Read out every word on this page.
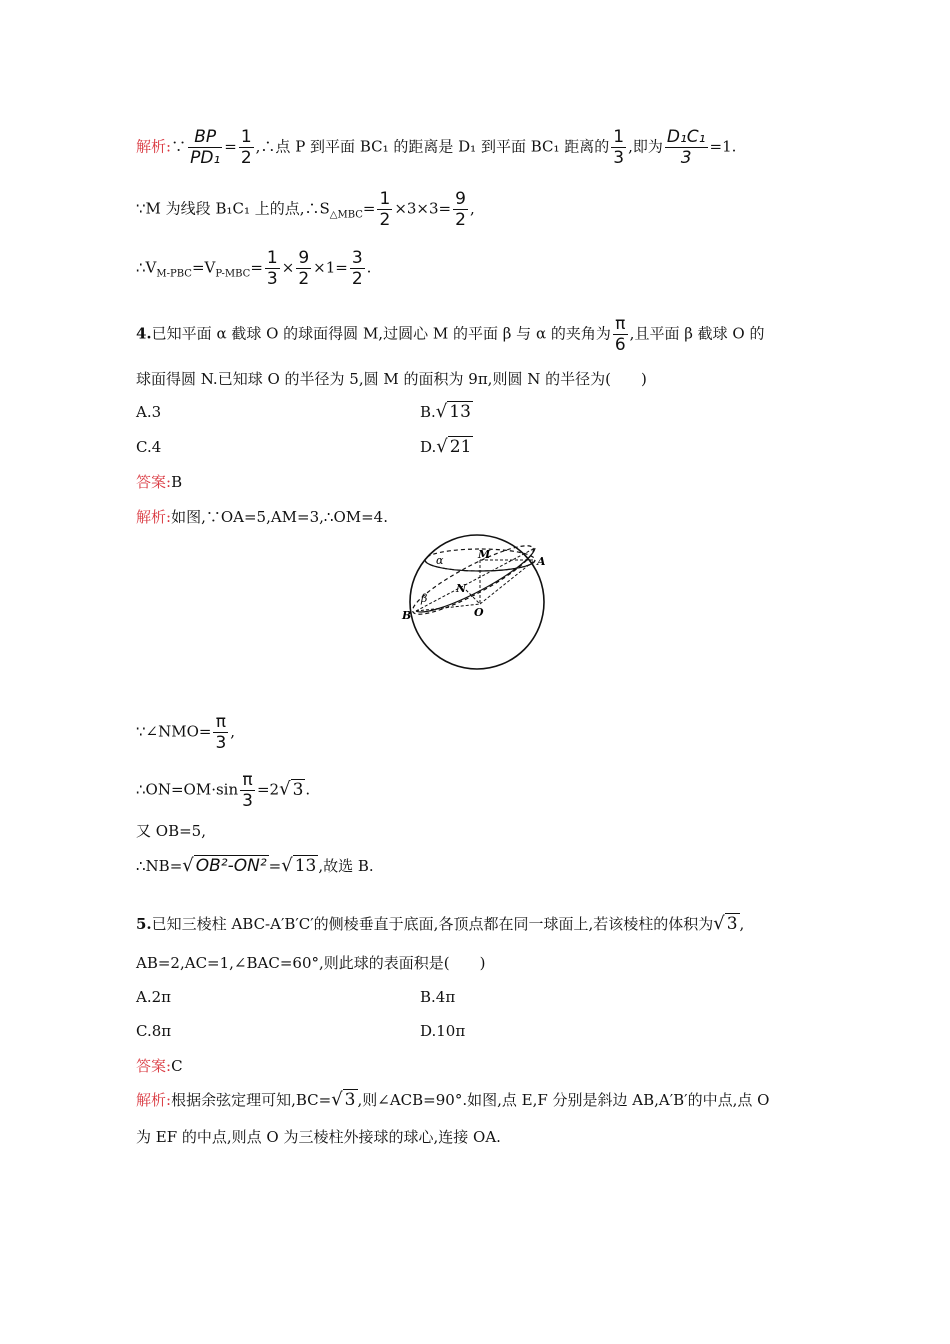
解析:∵ $\frac{BP}{\text{PD₁}} = \frac{1}{2}$ ,∴点 P 到平面 BC₁ 的距离是 D₁ 到平面 BC₁ 距离的 $\frac{1}{3}$ ,即为 $\frac{\text{D₁C₁}}{3} =1$.
∵M 为线段 B₁C₁ 上的点$,\therefore S_{\triangle MBC}= \frac{1}{2} \times 3\times 3= \frac{9}{2}$ ,
$\therefore V_{M-PBC}=V_{P-MBC}= \frac{1}{3} \times \frac{9}{2} \times 1= \frac{3}{2}$ .
4.已知平面 α 截球 O 的球面得圆 M,过圆心 M 的平面 β 与 α 的夹角为 $\frac{\pi}{6}$ ,且平面 β 截球 O 的
球面得圆 N.已知球 O 的半径为 5,圆 M 的面积为 9π,则圆 N 的半径为(　　)
A.3	B.√ 13
C.4	D.√ 21
答案:B
解析:如图,∵OA=5,AM=3,∴OM=4.
A
B
M
N
O
α
β
∵∠NMO= $\frac{\pi}{3}$ ,
∴ON=OM·sin $\frac{\pi}{3} =2√$ 3 .
又 OB=5,
∴NB=√ OB²-ON² =√ 13 ,故选 B.
5.已知三棱柱 ABC-A′B′C′的侧棱垂直于底面,各顶点都在同一球面上,若该棱柱的体积为√ 3 ,
AB=2,AC=1,∠BAC=60°,则此球的表面积是(　　)
A.2π	B.4π
C.8π	D.10π
答案:C
解析:根据余弦定理可知,BC=√ 3 ,则∠ACB=90°.如图,点 E,F 分别是斜边 AB,A′B′的中点,点 O
为 EF 的中点,则点 O 为三棱柱外接球的球心,连接 OA.
